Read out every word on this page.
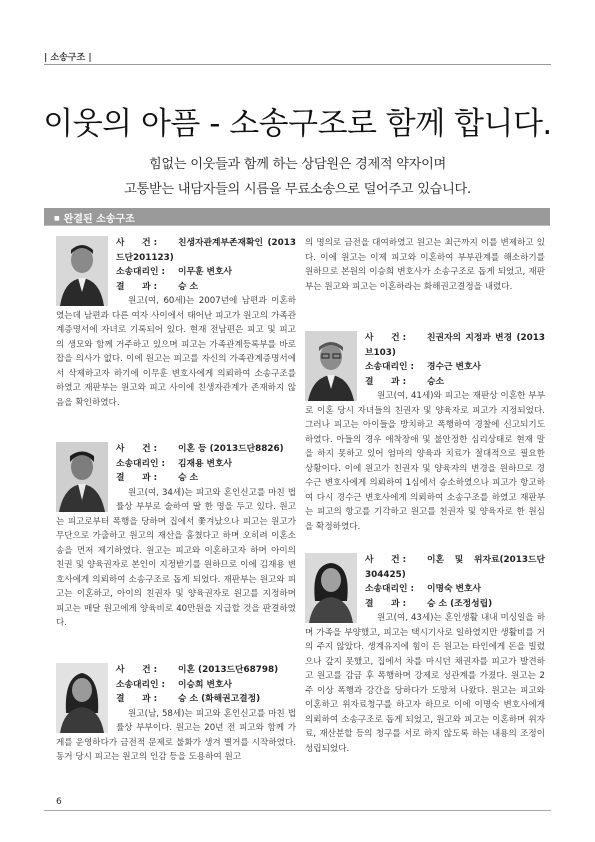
| 소송구조 |
이웃의 아픔 - 소송구조로 함께 합니다.
힘없는 이웃들과 함께 하는 상담원은 경제적 약자이며
고통받는 내담자들의 시름을 무료소송으로 덜어주고 있습니다.
■ 완결된 소송구조
사　　건 : 친생자관계부존재확인 (2013드단201123)
소송대리인 : 이무훈 변호사
결　　과 : 승 소
원고(여, 60세)는 2007년에 남편과 이혼하였는데 남편과 다른 여자 사이에서 태어난 피고가 원고의 가족관계증명서에 자녀로 기록되어 있다. 현재 전남편은 피고 및 피고의 생모와 함께 거주하고 있으며 피고는 가족관계등록부를 바로잡을 의사가 없다. 이에 원고는 피고를 자신의 가족관계증명서에서 삭제하고자 하기에 이무훈 변호사에게 의뢰하여 소송구조를 하였고 재판부는 원고와 피고 사이에 친생자관계가 존재하지 않음을 확인하였다.
사　　건 : 이혼 등 (2013드단8826)
소송대리인 : 김재용 변호사
결　　과 : 승 소
원고(여, 34세)는 피고와 혼인신고를 마친 법률상 부부로 술하여 딸 한 명을 두고 있다. 원고는 피고로부터 폭행을 당하며 집에서 쫓겨났으나 피고는 원고가 무단으로 가출하고 원고의 재산을 훔쳤다고 하며 오히려 이혼소송을 먼저 제기하였다. 원고는 피고와 이혼하고자 하며 아이의 친권 및 양육권자로 본인이 지정받기를 원하므로 이에 김재용 변호사에게 의뢰하여 소송구조로 돕게 되었다. 재판부는 원고와 피고는 이혼하고, 아이의 친권자 및 양육권자로 원고를 지정하며 피고는 매달 원고에게 양육비로 40만원을 지급할 것을 판결하였다.
사　　건 : 이혼 (2013드단68798)
소송대리인 : 이승희 변호사
결　　과 : 승 소 (화해권고결정)
원고(남, 58세)는 피고와 혼인신고를 마친 법률상 부부이다. 원고는 20년 전 피고와 함께 가게를 운영하다가 금전적 문제로 불화가 생겨 별거를 시작하였다. 동거 당시 피고는 원고의 인감 등을 도용하여 원고
의 명의로 금전을 대여하였고 원고는 최근까지 이를 변제하고 있다. 이에 원고는 이제 피고와 이혼하여 부부관계를 해소하기를 원하므로 본원의 이승희 변호사가 소송구조로 돕게 되었고, 재판부는 원고와 피고는 이혼하라는 화해권고결정을 내렸다.
사　　건 : 친권자의 지정과 변경 (2013브103)
소송대리인 : 경수근 변호사
결　　과 : 승소
원고(여, 41세)와 피고는 재판상 이혼한 부부로 이혼 당시 자녀들의 친권자 및 양육자로 피고가 지정되었다. 그러나 피고는 아이들을 방치하고 폭행하여 경찰에 신고되기도 하였다. 아들의 경우 애착장애 및 불안정한 심리상태로 현재 말을 하지 못하고 있어 엄마의 양육과 치료가 절대적으로 필요한 상황이다. 이에 원고가 친권자 및 양육자의 변경을 원하므로 경수근 변호사에게 의뢰하여 1심에서 승소하였으나 피고가 항고하여 다시 경수근 변호사에게 의뢰하여 소송구조를 하였고 재판부는 피고의 항고를 기각하고 원고를 친권자 및 양육자로 한 원심을 확정하였다.
사　　건 : 이혼 및 위자료(2013드단304425)
소송대리인 : 이명숙 변호사
결　　과 : 승 소 (조정성립)
원고(여, 43세)는 혼인생활 내내 미싱일을 하며 가족을 부양했고, 피고는 택시기사로 일하였지만 생활비를 거의 주지 않았다. 생계유지에 힘이 든 원고는 타인에게 돈을 빌렸으나 갚지 못했고, 집에서 차를 마시던 채권자를 피고가 발견하고 원고를 감금 후 폭행하며 강제로 성관계를 가졌다. 원고는 2주 이상 폭행과 강간을 당하다가 도망쳐 나왔다. 원고는 피고와 이혼하고 위자료청구를 하고자 하므로 이에 이명숙 변호사에게 의뢰하여 소송구조로 돕게 되었고, 원고와 피고는 이혼하며 위자료, 재산분할 등의 청구를 서로 하지 않도록 하는 내용의 조정이 성립되었다.
6
